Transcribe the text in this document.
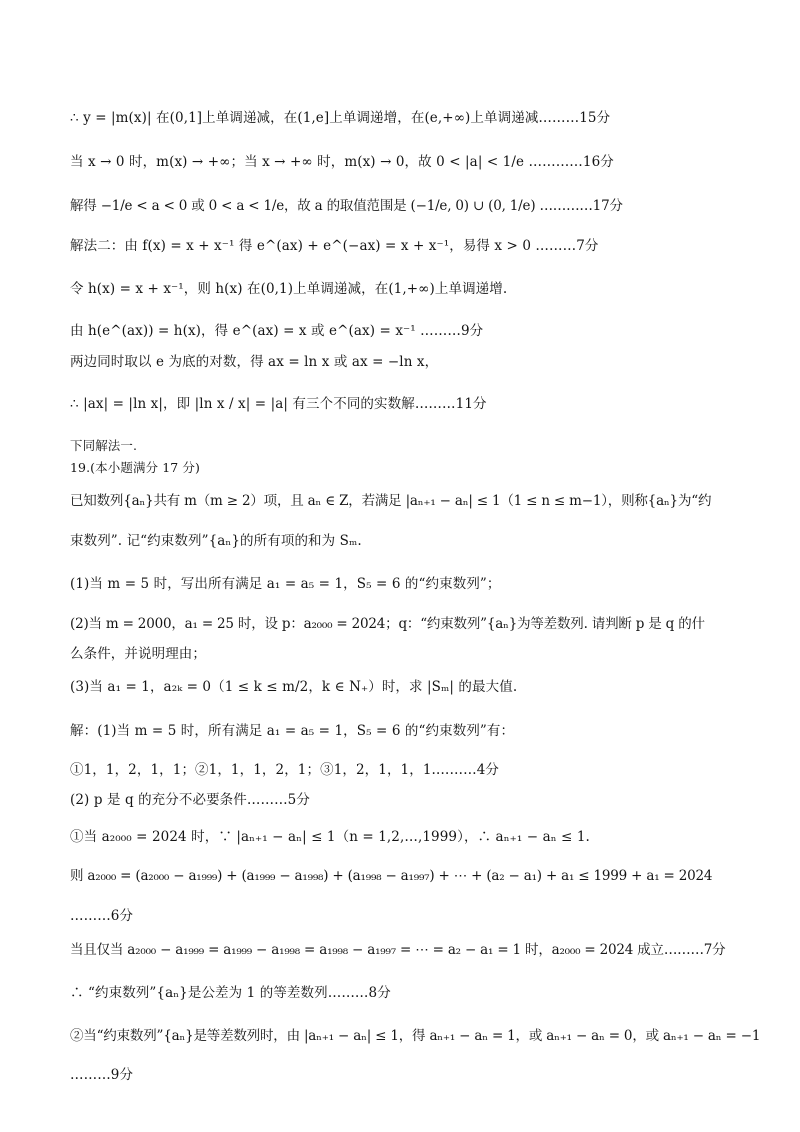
∴ y = |m(x)| 在(0,1]上单调递减，在(1,e]上单调递增，在(e,+∞)上单调递减………15分
当 x → 0 时，m(x) → +∞；当 x → +∞ 时，m(x) → 0，故 0 < |a| < 1/e …………16分
解得 −1/e < a < 0 或 0 < a < 1/e，故 a 的取值范围是 (−1/e, 0) ∪ (0, 1/e) …………17分
解法二：由 f(x) = x + x⁻¹ 得 e^(ax) + e^(−ax) = x + x⁻¹，易得 x > 0 ………7分
令 h(x) = x + x⁻¹，则 h(x) 在(0,1)上单调递减，在(1,+∞)上单调递增.
由 h(e^(ax)) = h(x)，得 e^(ax) = x 或 e^(ax) = x⁻¹ ………9分
两边同时取以 e 为底的对数，得 ax = ln x 或 ax = −ln x，
∴ |ax| = |ln x|，即 |ln x / x| = |a| 有三个不同的实数解………11分
下同解法一.
19.(本小题满分 17 分)
已知数列{aₙ}共有 m（m ≥ 2）项，且 aₙ ∈ Z，若满足 |aₙ₊₁ − aₙ| ≤ 1（1 ≤ n ≤ m−1），则称{aₙ}为“约
束数列”. 记“约束数列”{aₙ}的所有项的和为 Sₘ.
(1)当 m = 5 时，写出所有满足 a₁ = a₅ = 1，S₅ = 6 的“约束数列”；
(2)当 m = 2000，a₁ = 25 时，设 p：a₂₀₀₀ = 2024；q：“约束数列”{aₙ}为等差数列. 请判断 p 是 q 的什
么条件，并说明理由；
(3)当 a₁ = 1，a₂ₖ = 0（1 ≤ k ≤ m/2，k ∈ N₊）时，求 |Sₘ| 的最大值.
解：(1)当 m = 5 时，所有满足 a₁ = a₅ = 1，S₅ = 6 的“约束数列”有：
①1，1，2，1，1；②1，1，1，2，1；③1，2，1，1，1.………4分
(2) p 是 q 的充分不必要条件………5分
①当 a₂₀₀₀ = 2024 时，∵ |aₙ₊₁ − aₙ| ≤ 1（n = 1,2,…,1999），∴ aₙ₊₁ − aₙ ≤ 1.
则 a₂₀₀₀ = (a₂₀₀₀ − a₁₉₉₉) + (a₁₉₉₉ − a₁₉₉₈) + (a₁₉₉₈ − a₁₉₉₇) + ⋯ + (a₂ − a₁) + a₁ ≤ 1999 + a₁ = 2024
………6分
当且仅当 a₂₀₀₀ − a₁₉₉₉ = a₁₉₉₉ − a₁₉₉₈ = a₁₉₉₈ − a₁₉₉₇ = ⋯ = a₂ − a₁ = 1 时，a₂₀₀₀ = 2024 成立………7分
∴ “约束数列”{aₙ}是公差为 1 的等差数列………8分
②当“约束数列”{aₙ}是等差数列时，由 |aₙ₊₁ − aₙ| ≤ 1，得 aₙ₊₁ − aₙ = 1，或 aₙ₊₁ − aₙ = 0，或 aₙ₊₁ − aₙ = −1
………9分
